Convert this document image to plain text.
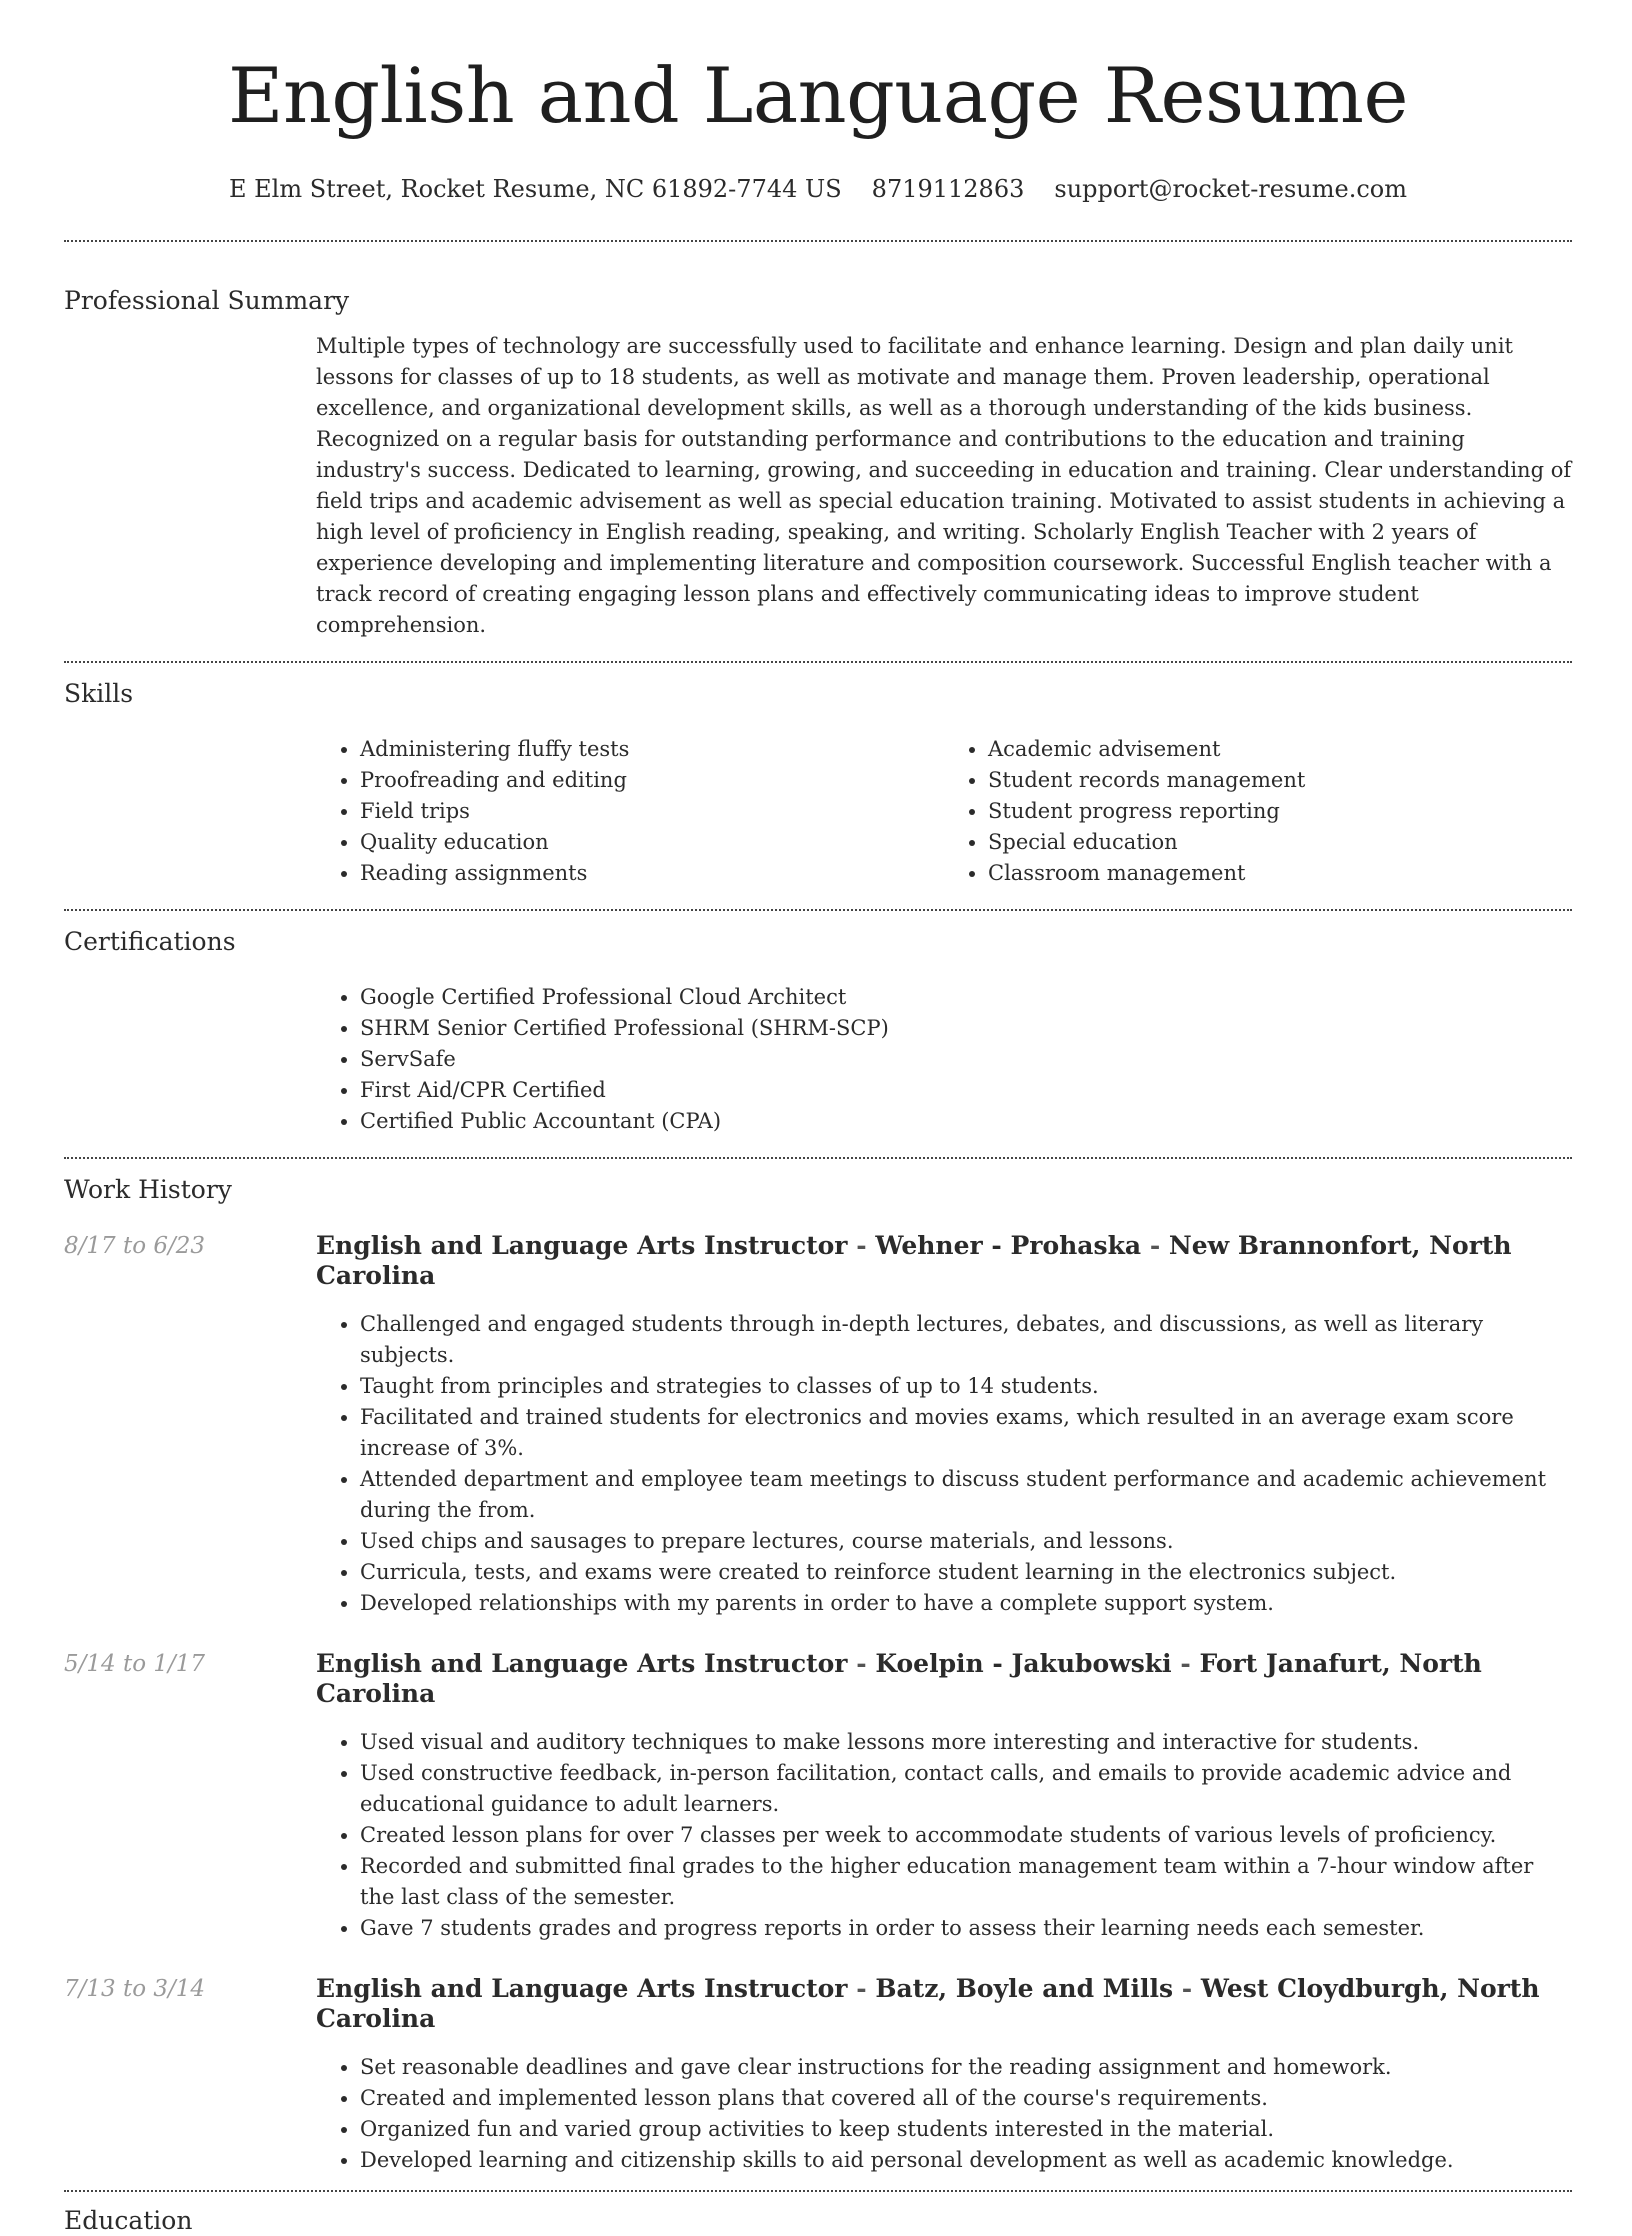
English and Language Resume
E Elm Street, Rocket Resume, NC 61892-7744 US 8719112863 support@rocket-resume.com
Professional Summary

Multiple types of technology are successfully used to facilitate and enhance learning. Design and plan daily unit lessons for classes of up to 18 students, as well as motivate and manage them. Proven leadership, operational excellence, and organizational development skills, as well as a thorough understanding of the kids business. Recognized on a regular basis for outstanding performance and contributions to the education and training industry's success. Dedicated to learning, growing, and succeeding in education and training. Clear understanding of field trips and academic advisement as well as special education training. Motivated to assist students in achieving a high level of proficiency in English reading, speaking, and writing. Scholarly English Teacher with 2 years of experience developing and implementing literature and composition coursework. Successful English teacher with a track record of creating engaging lesson plans and effectively communicating ideas to improve student comprehension.

Skills
• Administering fluffy tests
• Proofreading and editing
• Field trips
• Quality education
• Reading assignments
• Academic advisement
• Student records management
• Student progress reporting
• Special education
• Classroom management
Certifications
• Google Certified Professional Cloud Architect
• SHRM Senior Certified Professional (SHRM-SCP)
• ServSafe
• First Aid/CPR Certified
• Certified Public Accountant (CPA)
Work History
8/17 to 6/23	English and Language Arts Instructor - Wehner - Prohaska - New Brannonfort, North Carolina
• Challenged and engaged students through in-depth lectures, debates, and discussions, as well as literary subjects.
• Taught from principles and strategies to classes of up to 14 students.
• Facilitated and trained students for electronics and movies exams, which resulted in an average exam score increase of 3%.
• Attended department and employee team meetings to discuss student performance and academic achievement during the from.
• Used chips and sausages to prepare lectures, course materials, and lessons.
• Curricula, tests, and exams were created to reinforce student learning in the electronics subject.
• Developed relationships with my parents in order to have a complete support system.
5/14 to 1/17	English and Language Arts Instructor - Koelpin - Jakubowski - Fort Janafurt, North Carolina
• Used visual and auditory techniques to make lessons more interesting and interactive for students.
• Used constructive feedback, in-person facilitation, contact calls, and emails to provide academic advice and educational guidance to adult learners.
• Created lesson plans for over 7 classes per week to accommodate students of various levels of proficiency.
• Recorded and submitted final grades to the higher education management team within a 7-hour window after the last class of the semester.
• Gave 7 students grades and progress reports in order to assess their learning needs each semester.
7/13 to 3/14	English and Language Arts Instructor - Batz, Boyle and Mills - West Cloydburgh, North Carolina
• Set reasonable deadlines and gave clear instructions for the reading assignment and homework.
• Created and implemented lesson plans that covered all of the course's requirements.
• Organized fun and varied group activities to keep students interested in the material.
• Developed learning and citizenship skills to aid personal development as well as academic knowledge.
Education
